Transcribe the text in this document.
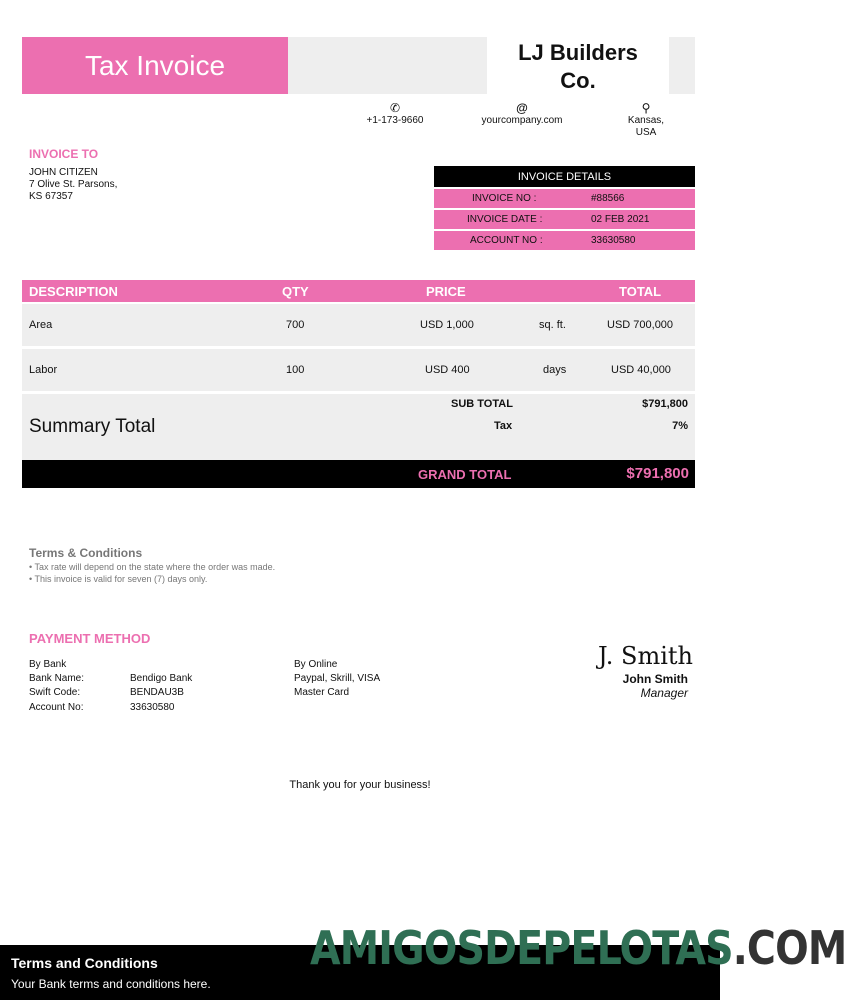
Tax Invoice	LJ Builders
Co.
✆
+1-173-9660
@
yourcompany.com
⚲
Kansas,
USA
INVOICE TO
JOHN CITIZEN
7 Olive St. Parsons,
KS 67357
INVOICE DETAILS
INVOICE NO :	#88566
INVOICE DATE :	02 FEB 2021
ACCOUNT NO :	33630580
DESCRIPTION	QTY	PRICE	TOTAL
Area	700	USD 1,000	sq. ft.	USD 700,000
Labor	100	USD 400	days	USD 40,000
Summary Total
SUB TOTAL	$791,800
Tax	7%
GRAND TOTAL	$791,800
Terms & Conditions
• Tax rate will depend on the state where the order was made.
• This invoice is valid for seven (7) days only.
PAYMENT METHOD
By Bank
Bank Name:	Bendigo Bank
Swift Code:	BENDAU3B
Account No:	33630580
By Online
Paypal, Skrill, VISA
Master Card
J. Smith
John Smith
Manager
Thank you for your business!
Terms and Conditions
Your Bank terms and conditions here.
AMIGOSDEPELOTAS.COM
